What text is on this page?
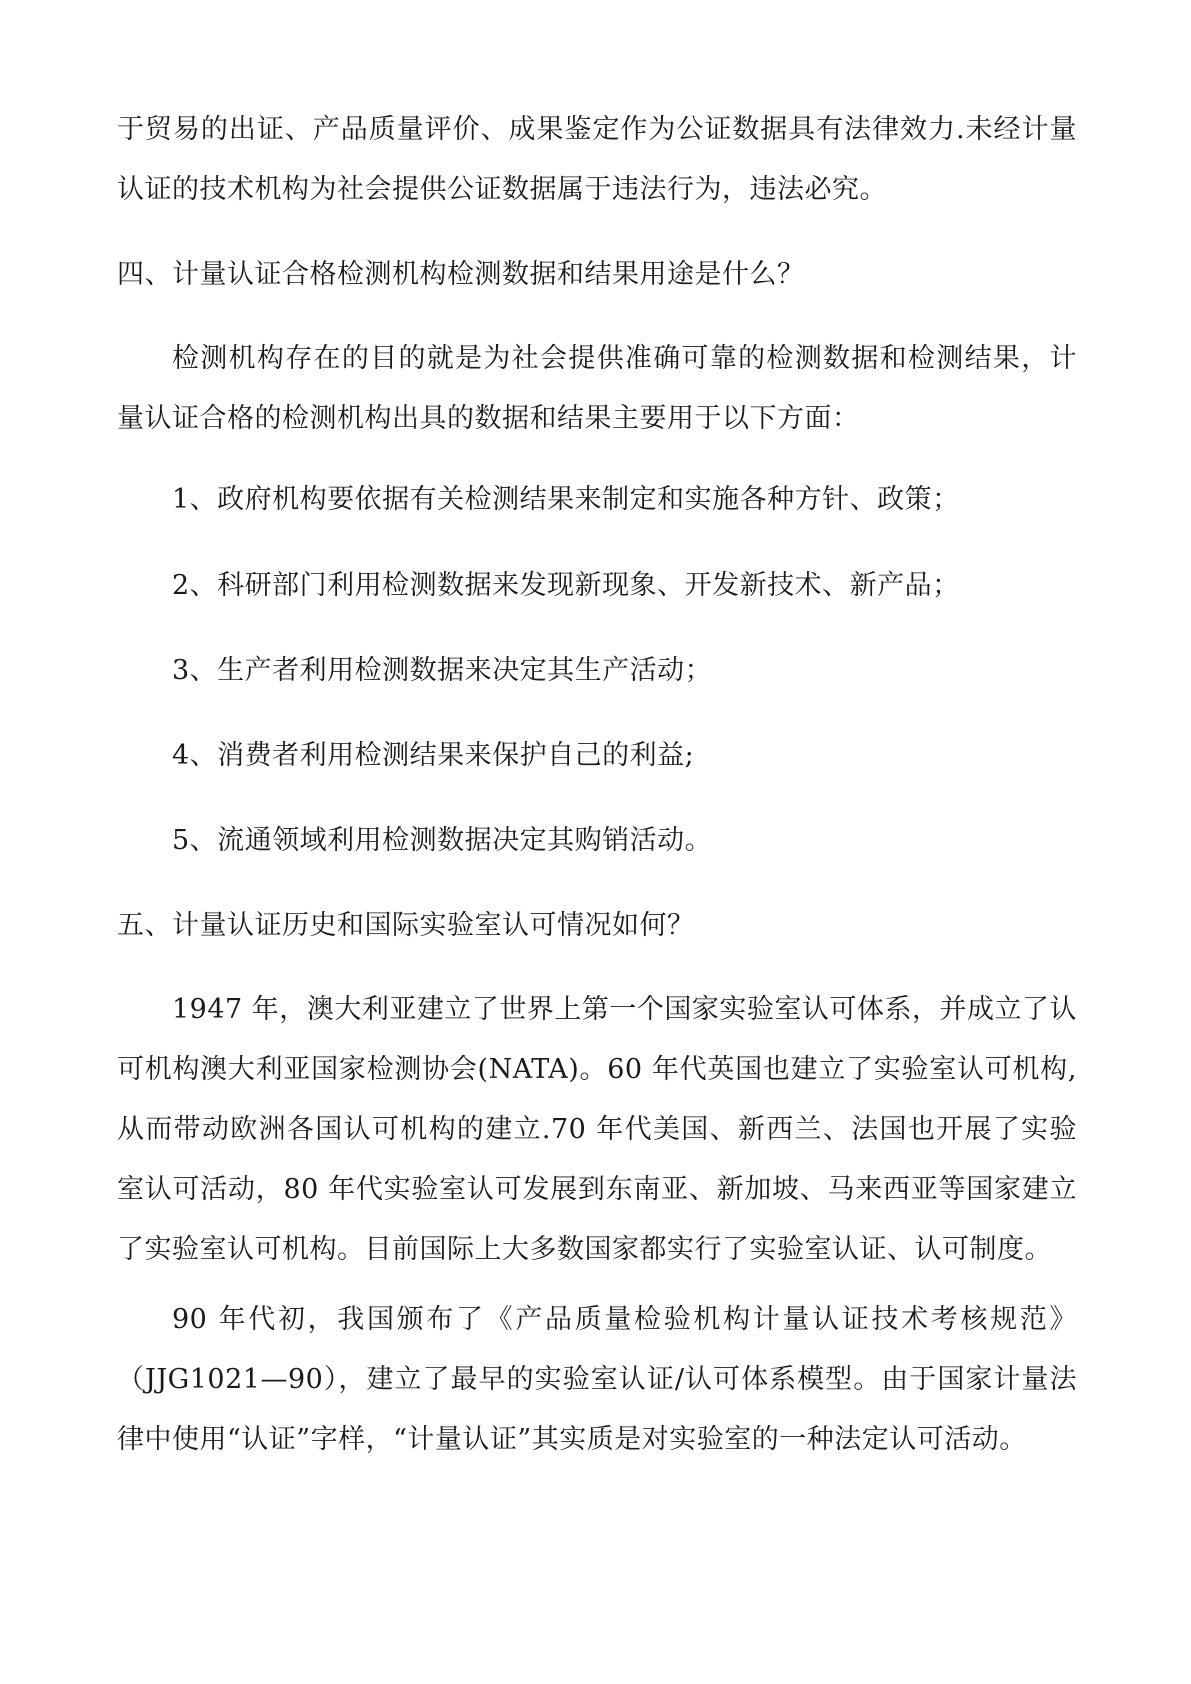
于贸易的出证、产品质量评价、成果鉴定作为公证数据具有法律效力.未经计量认证的技术机构为社会提供公证数据属于违法行为，违法必究。

四、计量认证合格检测机构检测数据和结果用途是什么？

检测机构存在的目的就是为社会提供准确可靠的检测数据和检测结果，计量认证合格的检测机构出具的数据和结果主要用于以下方面：

1、政府机构要依据有关检测结果来制定和实施各种方针、政策；

2、科研部门利用检测数据来发现新现象、开发新技术、新产品；

3、生产者利用检测数据来决定其生产活动；

4、消费者利用检测结果来保护自己的利益;

5、流通领域利用检测数据决定其购销活动。

五、计量认证历史和国际实验室认可情况如何？

1947 年，澳大利亚建立了世界上第一个国家实验室认可体系，并成立了认可机构澳大利亚国家检测协会(NATA)。60 年代英国也建立了实验室认可机构,从而带动欧洲各国认可机构的建立.70 年代美国、新西兰、法国也开展了实验室认可活动，80 年代实验室认可发展到东南亚、新加坡、马来西亚等国家建立了实验室认可机构。目前国际上大多数国家都实行了实验室认证、认可制度。

90 年代初，我国颁布了《产品质量检验机构计量认证技术考核规范》（JJG1021—90），建立了最早的实验室认证/认可体系模型。由于国家计量法律中使用“认证”字样，“计量认证”其实质是对实验室的一种法定认可活动。
